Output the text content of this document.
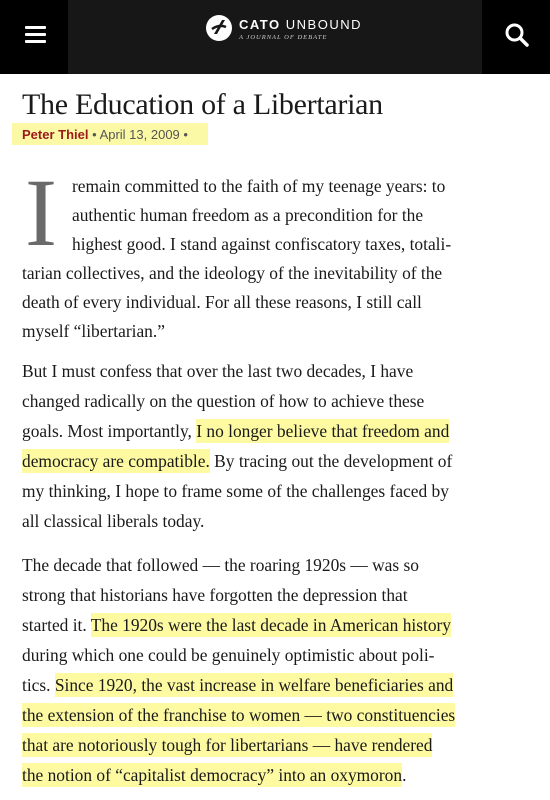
CATO UNBOUND
A JOURNAL OF DEBATE
The Education of a Libertarian
Peter Thiel • April 13, 2009 •
I remain committed to the faith of my teenage years: to
authentic human freedom as a precondition for the
highest good. I stand against confiscatory taxes, totali-
tarian collectives, and the ideology of the inevitability of the
death of every individual. For all these reasons, I still call
myself “libertarian.”
But I must confess that over the last two decades, I have
changed radically on the question of how to achieve these
goals. Most importantly, I no longer believe that freedom and
democracy are compatible. By tracing out the development of
my thinking, I hope to frame some of the challenges faced by
all classical liberals today.
The decade that followed — the roaring 1920s — was so
strong that historians have forgotten the depression that
started it. The 1920s were the last decade in American history
during which one could be genuinely optimistic about poli-
tics. Since 1920, the vast increase in welfare beneficiaries and
the extension of the franchise to women — two constituencies
that are notoriously tough for libertarians — have rendered
the notion of “capitalist democracy” into an oxymoron.
